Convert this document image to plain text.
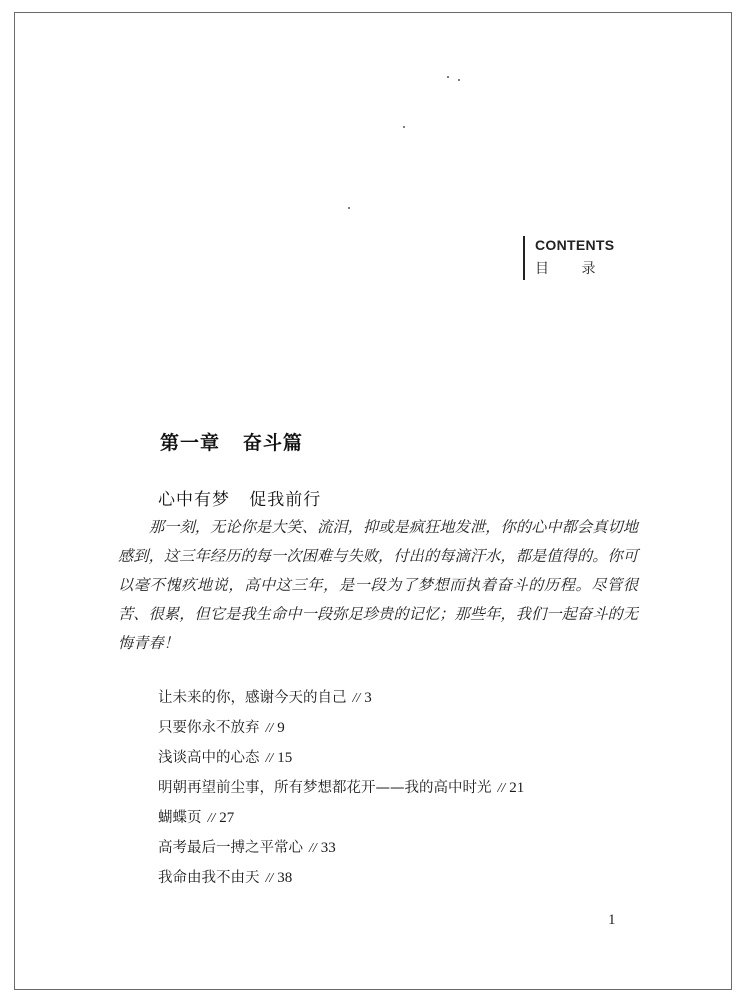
CONTENTS
目 录
第一章   奋斗篇
心中有梦   促我前行

那一刻，无论你是大笑、流泪，抑或是疯狂地发泄，你的心中都会真切地感到，这三年经历的每一次困难与失败，付出的每滴汗水，都是值得的。你可以毫不愧疚地说，高中这三年，是一段为了梦想而执着奋斗的历程。尽管很苦、很累，但它是我生命中一段弥足珍贵的记忆；那些年，我们一起奋斗的无悔青春！

让未来的你，感谢今天的自己 // 3
只要你永不放弃 // 9
浅谈高中的心态 // 15
明朝再望前尘事，所有梦想都花开——我的高中时光 // 21
蝴蝶页 // 27
高考最后一搏之平常心 // 33
我命由我不由天 // 38
1
